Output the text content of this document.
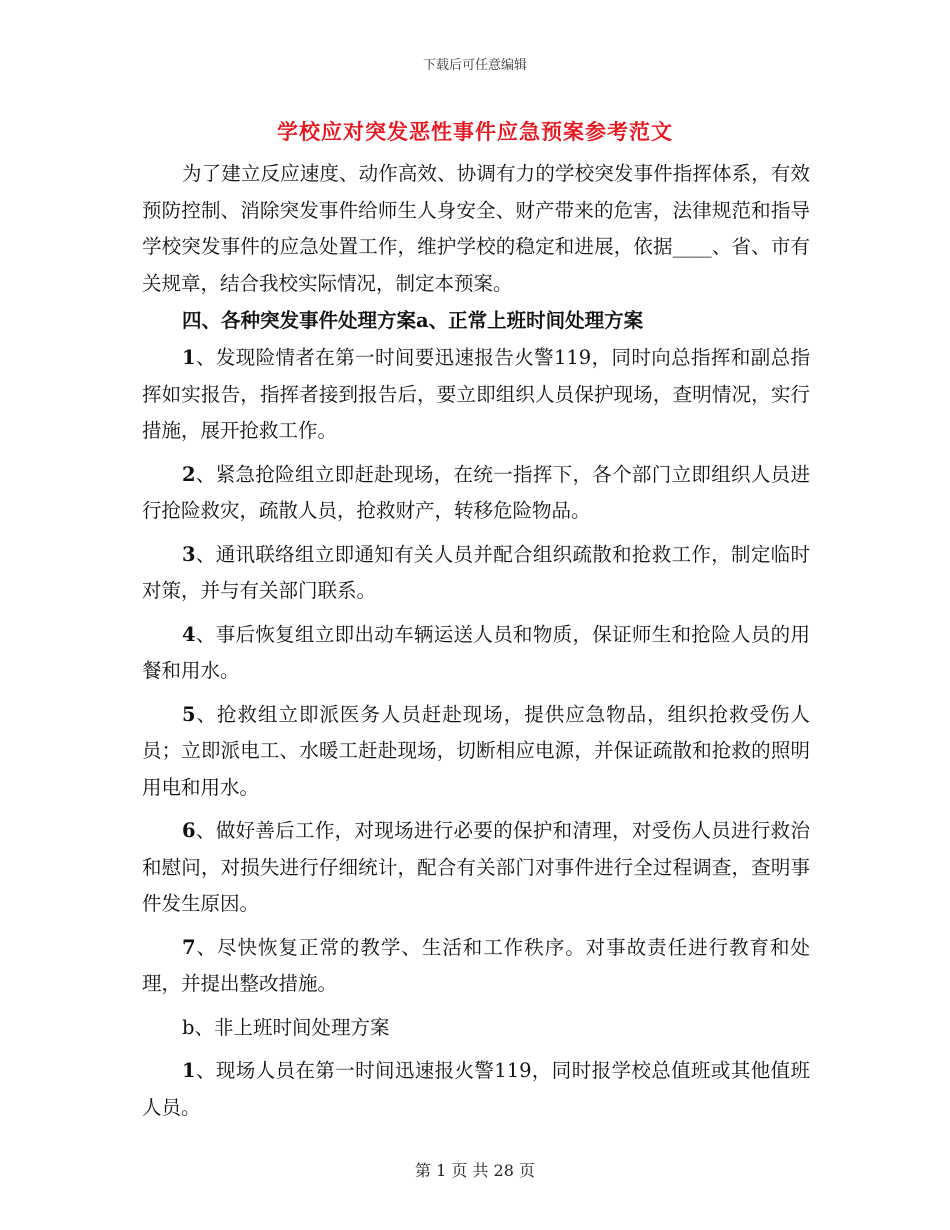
下载后可任意编辑
学校应对突发恶性事件应急预案参考范文

为了建立反应速度、动作高效、协调有力的学校突发事件指挥体系，有效预防控制、消除突发事件给师生人身安全、财产带来的危害，法律规范和指导学校突发事件的应急处置工作，维护学校的稳定和进展，依据____、省、市有关规章，结合我校实际情况，制定本预案。

四、各种突发事件处理方案a、正常上班时间处理方案

1、发现险情者在第一时间要迅速报告火警119，同时向总指挥和副总指挥如实报告，指挥者接到报告后，要立即组织人员保护现场，查明情况，实行措施，展开抢救工作。

2、紧急抢险组立即赶赴现场，在统一指挥下，各个部门立即组织人员进行抢险救灾，疏散人员，抢救财产，转移危险物品。

3、通讯联络组立即通知有关人员并配合组织疏散和抢救工作，制定临时对策，并与有关部门联系。

4、事后恢复组立即出动车辆运送人员和物质，保证师生和抢险人员的用餐和用水。

5、抢救组立即派医务人员赶赴现场，提供应急物品，组织抢救受伤人员；立即派电工、水暖工赶赴现场，切断相应电源，并保证疏散和抢救的照明用电和用水。

6、做好善后工作，对现场进行必要的保护和清理，对受伤人员进行救治和慰问，对损失进行仔细统计，配合有关部门对事件进行全过程调查，查明事件发生原因。

7、尽快恢复正常的教学、生活和工作秩序。对事故责任进行教育和处理，并提出整改措施。

b、非上班时间处理方案

1、现场人员在第一时间迅速报火警119，同时报学校总值班或其他值班人员。

第 1 页 共 28 页
